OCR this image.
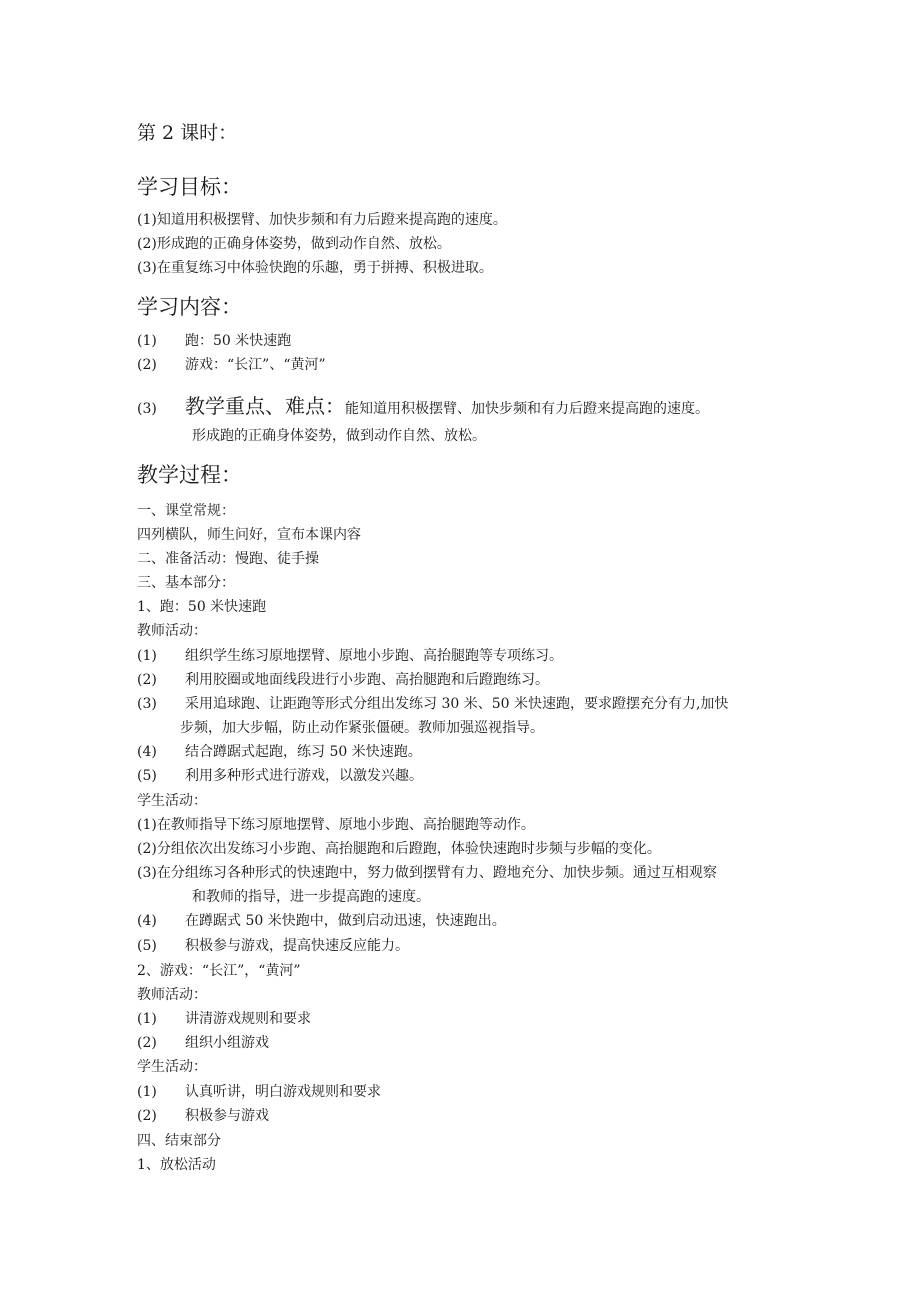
第 2 课时：
学习目标：
(1)知道用积极摆臂、加快步频和有力后蹬来提高跑的速度。
(2)形成跑的正确身体姿势，做到动作自然、放松。
(3)在重复练习中体验快跑的乐趣，勇于拼搏、积极进取。
学习内容：
(1) 跑：50 米快速跑
(2) 游戏：“长江”、“黄河”
(3) 教学重点、难点：能知道用积极摆臂、加快步频和有力后蹬来提高跑的速度。
形成跑的正确身体姿势，做到动作自然、放松。
教学过程：
一、课堂常规：
四列横队，师生问好，宣布本课内容
二、准备活动：慢跑、徒手操
三、基本部分：
1、跑：50 米快速跑
教师活动：
(1) 组织学生练习原地摆臂、原地小步跑、高抬腿跑等专项练习。
(2) 利用胶圈或地面线段进行小步跑、高抬腿跑和后蹬跑练习。
(3) 采用追球跑、让距跑等形式分组出发练习 30 米、50 米快速跑，要求蹬摆充分有力,加快
步频，加大步幅，防止动作紧张僵硬。教师加强巡视指导。
(4) 结合蹲踞式起跑，练习 50 米快速跑。
(5) 利用多种形式进行游戏，以激发兴趣。
学生活动：
(1)在教师指导下练习原地摆臂、原地小步跑、高抬腿跑等动作。
(2)分组依次出发练习小步跑、高抬腿跑和后蹬跑，体验快速跑时步频与步幅的变化。
(3)在分组练习各种形式的快速跑中，努力做到摆臂有力、蹬地充分、加快步频。通过互相观察
和教师的指导，进一步提高跑的速度。
(4) 在蹲踞式 50 米快跑中，做到启动迅速，快速跑出。
(5) 积极参与游戏，提高快速反应能力。
2、游戏：“长江”，“黄河”
教师活动：
(1) 讲清游戏规则和要求
(2) 组织小组游戏
学生活动：
(1) 认真听讲，明白游戏规则和要求
(2) 积极参与游戏
四、结束部分
1、放松活动
